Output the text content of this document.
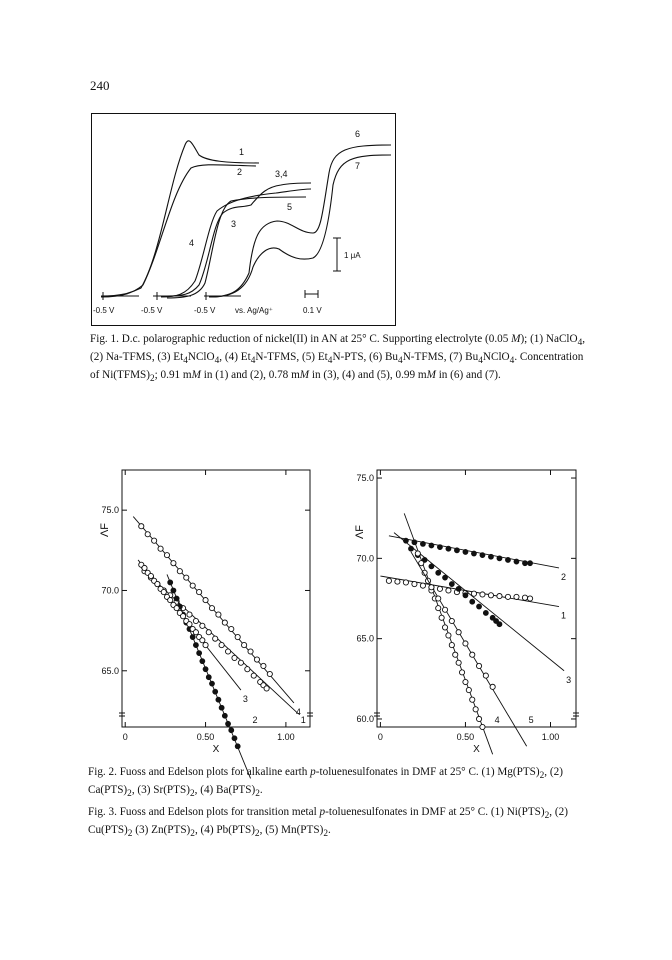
240
1
2	3,4
5
3
4
6
7
1 μA
-0.5 V	-0.5 V	-0.5 V vs. Ag/Ag⁺	0.1 V
Fig. 1. D.c. polarographic reduction of nickel(II) in AN at 25° C. Supporting electrolyte (0.05 M); (1) NaClO$_4$, (2) Na-TFMS, (3) $Et_4NClO_4$, (4) $Et_4N$-TFMS, (5) $Et_4N$-PTS, (6) $Bu_4N$-TFMS, (7) $Bu_4NClO_4$. Concentration of $Ni(TFMS)_2$; 0.91 mM in (1) and (2), 0.78 mM in (3), (4) and (5), 0.99 mM in (6) and (7).
75.0
70.0
65.0
0	0.50	1.00
X
ΛF
1
2
3
4
75.0
70.0
65.0
60.0
0	0.50	1.00
X
ΛF
1
2
3
4	5
Fig. 2. Fuoss and Edelson plots for alkaline earth p-toluenesulfonates in DMF at 25° C. (1) $Mg(PTS)_2$, (2) $Ca(PTS)_2$, (3) $Sr(PTS)_2$, (4) $Ba(PTS)_2$.
Fig. 3. Fuoss and Edelson plots for transition metal p-toluenesulfonates in DMF at 25° C. (1) $Ni(PTS)_2$, (2) $Cu(PTS)_2$ (3) $Zn(PTS)_2$, (4) $Pb(PTS)_2$, (5) $Mn(PTS)_2$.
